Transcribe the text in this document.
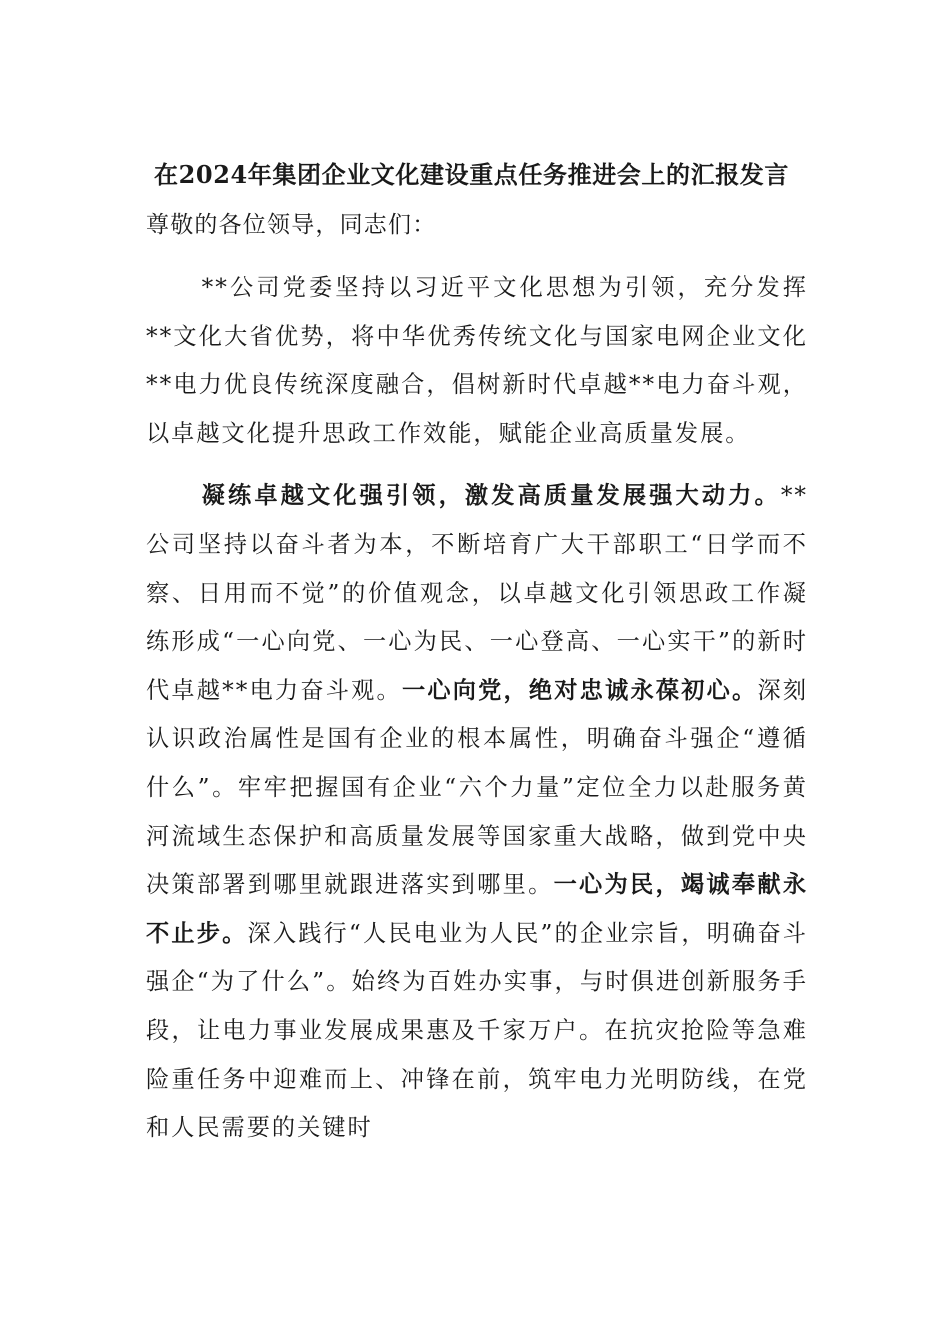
在2024年集团企业文化建设重点任务推进会上的汇报发言

尊敬的各位领导，同志们：

**公司党委坚持以习近平文化思想为引领，充分发挥**文化大省优势，将中华优秀传统文化与国家电网企业文化**电力优良传统深度融合，倡树新时代卓越**电力奋斗观，以卓越文化提升思政工作效能，赋能企业高质量发展。

凝练卓越文化强引领，激发高质量发展强大动力。**公司坚持以奋斗者为本，不断培育广大干部职工“日学而不察、日用而不觉”的价值观念，以卓越文化引领思政工作凝练形成“一心向党、一心为民、一心登高、一心实干”的新时代卓越**电力奋斗观。一心向党，绝对忠诚永葆初心。深刻认识政治属性是国有企业的根本属性，明确奋斗强企“遵循什么”。牢牢把握国有企业“六个力量”定位全力以赴服务黄河流域生态保护和高质量发展等国家重大战略，做到党中央决策部署到哪里就跟进落实到哪里。一心为民，竭诚奉献永不止步。深入践行“人民电业为人民”的企业宗旨，明确奋斗强企“为了什么”。始终为百姓办实事，与时俱进创新服务手段，让电力事业发展成果惠及千家万户。在抗灾抢险等急难险重任务中迎难而上、冲锋在前，筑牢电力光明防线，在党和人民需要的关键时
